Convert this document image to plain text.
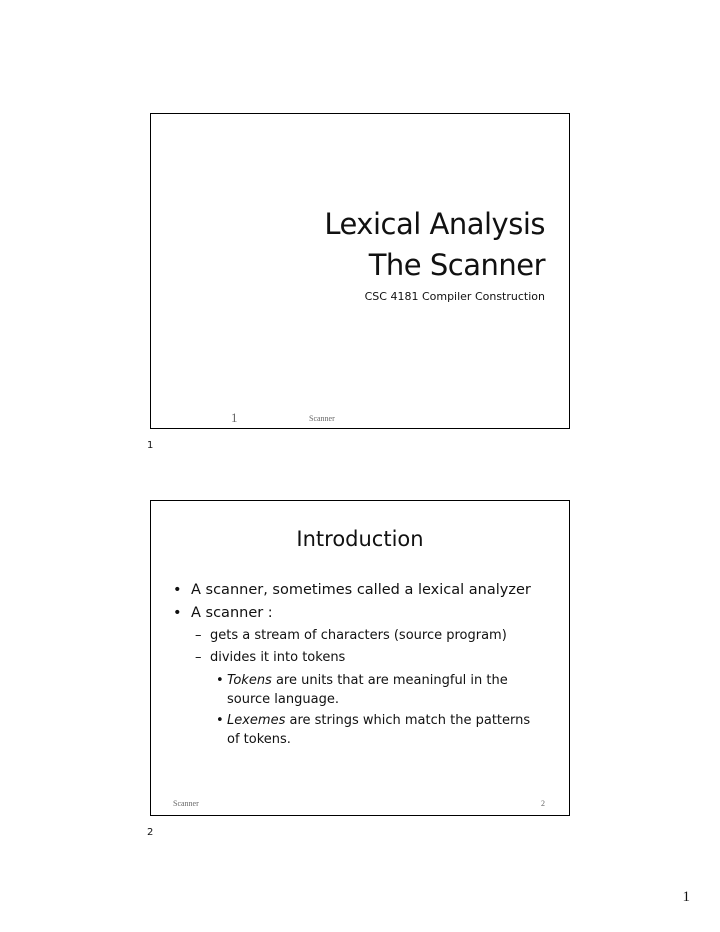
Lexical Analysis
The Scanner
CSC 4181 Compiler Construction
1	Scanner
1
Introduction
• A scanner, sometimes called a lexical analyzer
• A scanner :
– gets a stream of characters (source program)
– divides it into tokens
• Tokens are units that are meaningful in the
source language.
• Lexemes are strings which match the patterns
of tokens.
Scanner	2
2
1
